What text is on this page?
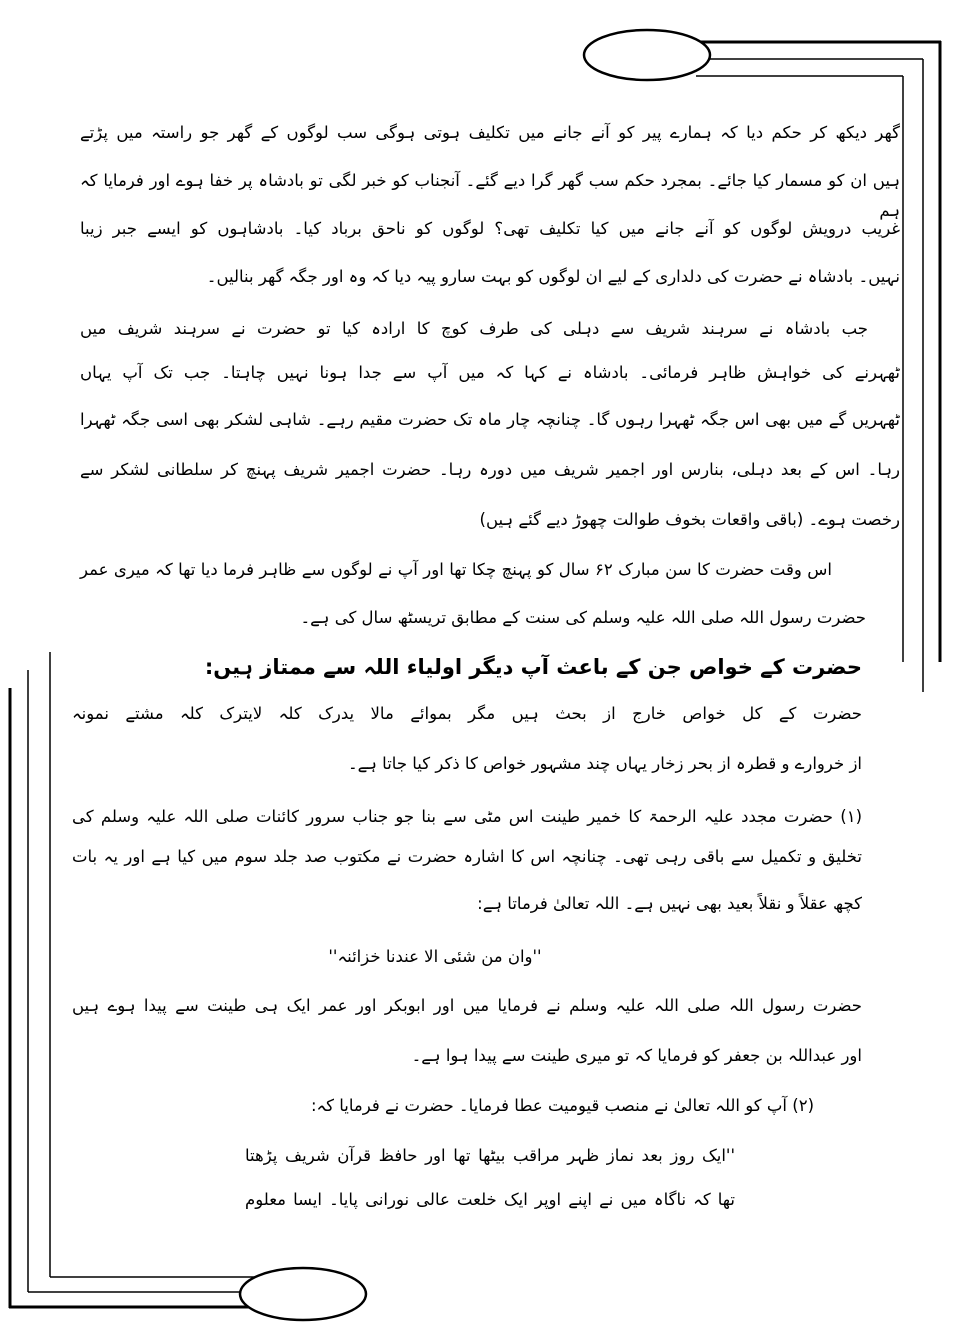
گھر دیکھ کر حکم دیا کہ ہمارے پیر کو آنے جانے میں تکلیف ہوتی ہوگی سب لوگوں کے گھر جو راستہ میں پڑتے
ہیں ان کو مسمار کیا جائے۔ بمجرد حکم سب گھر گرا دیے گئے۔ آنجناب کو خبر لگی تو بادشاہ پر خفا ہوے اور فرمایا کہ ہم
غریب درویش لوگوں کو آنے جانے میں کیا تکلیف تھی؟ لوگوں کو ناحق برباد کیا۔ بادشاہوں کو ایسے جبر زیبا
نہیں۔ بادشاہ نے حضرت کی دلداری کے لیے ان لوگوں کو بہت سارو پیہ دیا کہ وہ اور جگہ گھر بنالیں۔
جب بادشاہ نے سرہند شریف سے دہلی کی طرف کوچ کا ارادہ کیا تو حضرت نے سرہند شریف میں
ٹھہرنے کی خواہش ظاہر فرمائی۔ بادشاہ نے کہا کہ میں آپ سے جدا ہونا نہیں چاہتا۔ جب تک آپ یہاں
ٹھہریں گے میں بھی اس جگہ ٹھہرا رہوں گا۔ چنانچہ چار ماہ تک حضرت مقیم رہے۔ شاہی لشکر بھی اسی جگہ ٹھہرا
رہا۔ اس کے بعد دہلی، بنارس اور اجمیر شریف میں دورہ رہا۔ حضرت اجمیر شریف پہنچ کر سلطانی لشکر سے
رخصت ہوے۔ (باقی واقعات بخوف طوالت چھوڑ دیے گئے ہیں)
اس وقت حضرت کا سن مبارک ۶۲ سال کو پہنچ چکا تھا اور آپ نے لوگوں سے ظاہر فرما دیا تھا کہ میری عمر
حضرت رسول اللہ صلی اللہ علیہ وسلم کی سنت کے مطابق تریسٹھ سال کی ہے۔
حضرت کے خواص جن کے باعث آپ دیگر اولیاء اللہ سے ممتاز ہیں:
حضرت کے کل خواص خارج از بحث ہیں مگر بموائے مالا یدرک کلہ لایترک کلہ مشتے نمونہ
از خروارے و قطرہ از بحر زخار یہاں چند مشہور خواص کا ذکر کیا جاتا ہے۔
(۱) حضرت مجدد علیہ الرحمۃ کا خمیر طینت اس مٹی سے بنا جو جناب سرور کائنات صلی اللہ علیہ وسلم کی
تخلیق و تکمیل سے باقی رہی تھی۔ چنانچہ اس کا اشارہ حضرت نے مکتوب صد جلد سوم میں کیا ہے اور یہ بات
کچھ عقلاً و نقلاً بعید بھی نہیں ہے۔ اللہ تعالیٰ فرماتا ہے:
''وان من شئی الا عندنا خزائنہ''
حضرت رسول اللہ صلی اللہ علیہ وسلم نے فرمایا میں اور ابوبکر اور عمر ایک ہی طینت سے پیدا ہوے ہیں
اور عبداللہ بن جعفر کو فرمایا کہ تو میری طینت سے پیدا ہوا ہے۔
(۲) آپ کو اللہ تعالیٰ نے منصب قیومیت عطا فرمایا۔ حضرت نے فرمایا کہ:
''ایک روز بعد نماز ظہر مراقب بیٹھا تھا اور حافظ قرآن شریف پڑھتا
تھا کہ ناگاہ میں نے اپنے اوپر ایک خلعت عالی نورانی پایا۔ ایسا معلوم
